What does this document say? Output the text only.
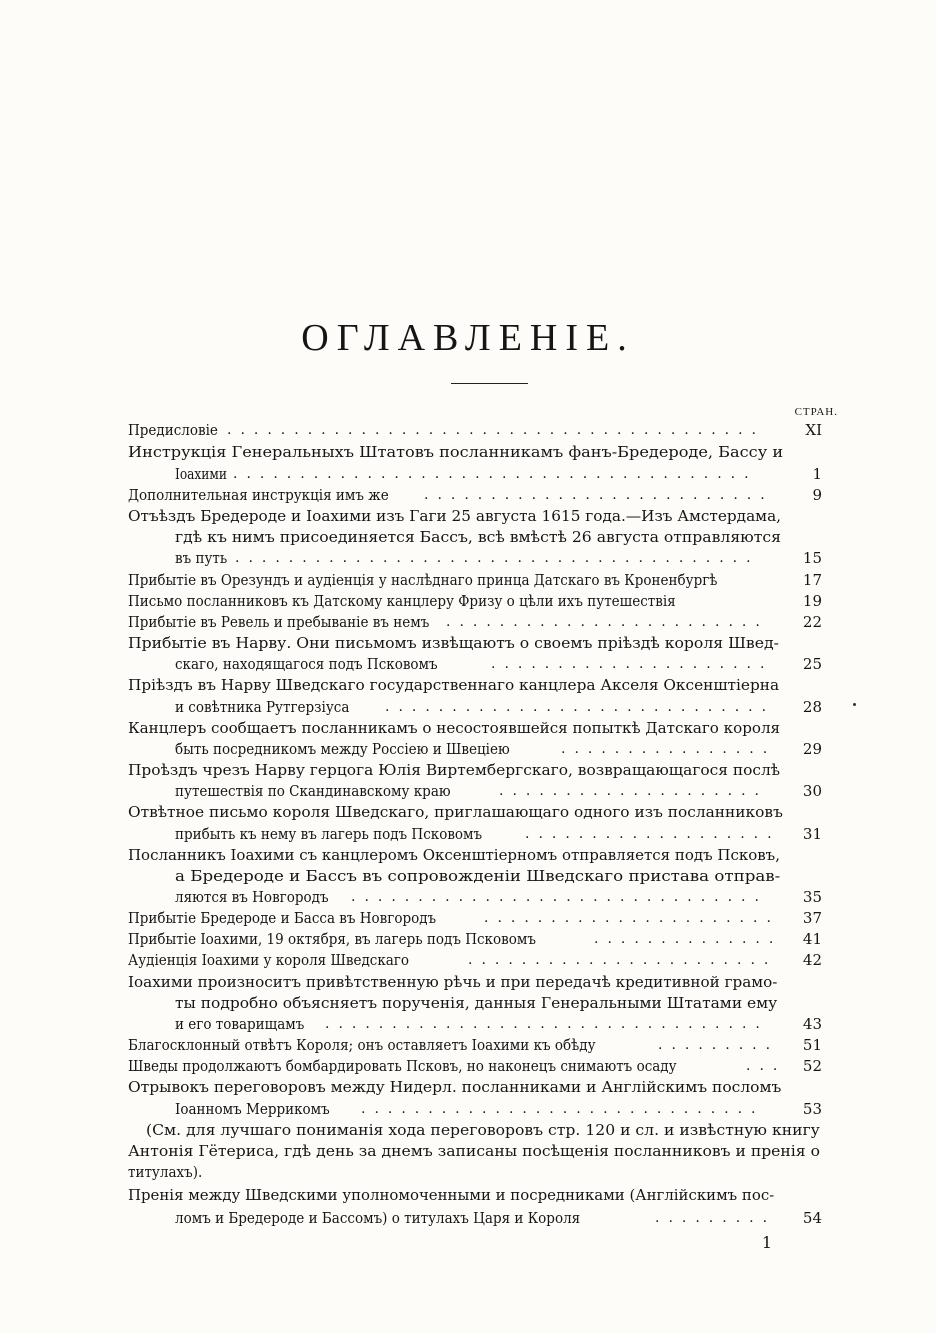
ОГЛАВЛЕНIЕ.
СТРАН.
Предисловіе ........................................	XI
Инструкція Генеральныхъ Штатовъ посланникамъ фанъ-Бредероде, Бассу и
Іоахими .......................................	1
Дополнительная инструкція имъ же	..........................	9
Отъѣздъ Бредероде и Іоахими изъ Гаги 25 августа 1615 года.—Изъ Амстердама,
гдѣ къ нимъ присоединяется Бассъ, всѣ вмѣстѣ 26 августа отправляются
въ путь .......................................	15
Прибытіе въ Орезундъ и аудіенція у наслѣднаго принца Датскаго въ Кроненбургѣ	17
Письмо посланниковъ къ Датскому канцлеру Фризу о цѣли ихъ путешествія	19
Прибытіе въ Ревель и пребываніе въ немъ ........................	22
Прибытіе въ Нарву. Они письмомъ извѣщаютъ о своемъ пріѣздѣ короля Швед-
скаго, находящагося подъ Псковомъ	.....................	25
Пріѣздъ въ Нарву Шведскаго государственнаго канцлера Акселя Оксенштіерна
и совѣтника Рутгерзіуса	.............................	28
Канцлеръ сообщаетъ посланникамъ о несостоявшейся попыткѣ Датскаго короля
быть посредникомъ между Россіею и Швеціею	................	29
Проѣздъ чрезъ Нарву герцога Юлія Виртембергскаго, возвращающагося послѣ
путешествія по Скандинавскому краю	....................	30
Отвѣтное письмо короля Шведскаго, приглашающаго одного изъ посланниковъ
прибыть къ нему въ лагерь подъ Псковомъ	...................	31
Посланникъ Іоахими съ канцлеромъ Оксенштіерномъ отправляется подъ Псковъ,
а Бредероде и Бассъ въ сопровожденіи Шведскаго пристава отправ-
ляются въ Новгородъ ...............................	35
Прибытіе Бредероде и Басса въ Новгородъ	......................	37
Прибытіе Іоахими, 19 октября, въ лагерь подъ Псковомъ	..............	41
Аудіенція Іоахими у короля Шведскаго	.......................	42
Іоахими произноситъ привѣтственную рѣчь и при передачѣ кредитивной грамо-
ты подробно объясняетъ порученія, данныя Генеральными Штатами ему
и его товарищамъ .................................	43
Благосклонный отвѣтъ Короля; онъ оставляетъ Іоахими къ обѣду	.........	51
Шведы продолжаютъ бомбардировать Псковъ, но наконецъ снимаютъ осаду	...	52
Отрывокъ переговоровъ между Нидерл. посланниками и Англійскимъ посломъ
Іоанномъ Меррикомъ ..............................	53
(См. для лучшаго пониманія хода переговоровъ стр. 120 и сл. и извѣстную книгу
Антонія Гётериса, гдѣ день за днемъ записаны посѣщенія посланниковъ и пренія о
титулахъ).
Пренія между Шведскими уполномоченными и посредниками (Англійскимъ пос-
ломъ и Бредероде и Бассомъ) о титулахъ Царя и Короля	.........	54
1
